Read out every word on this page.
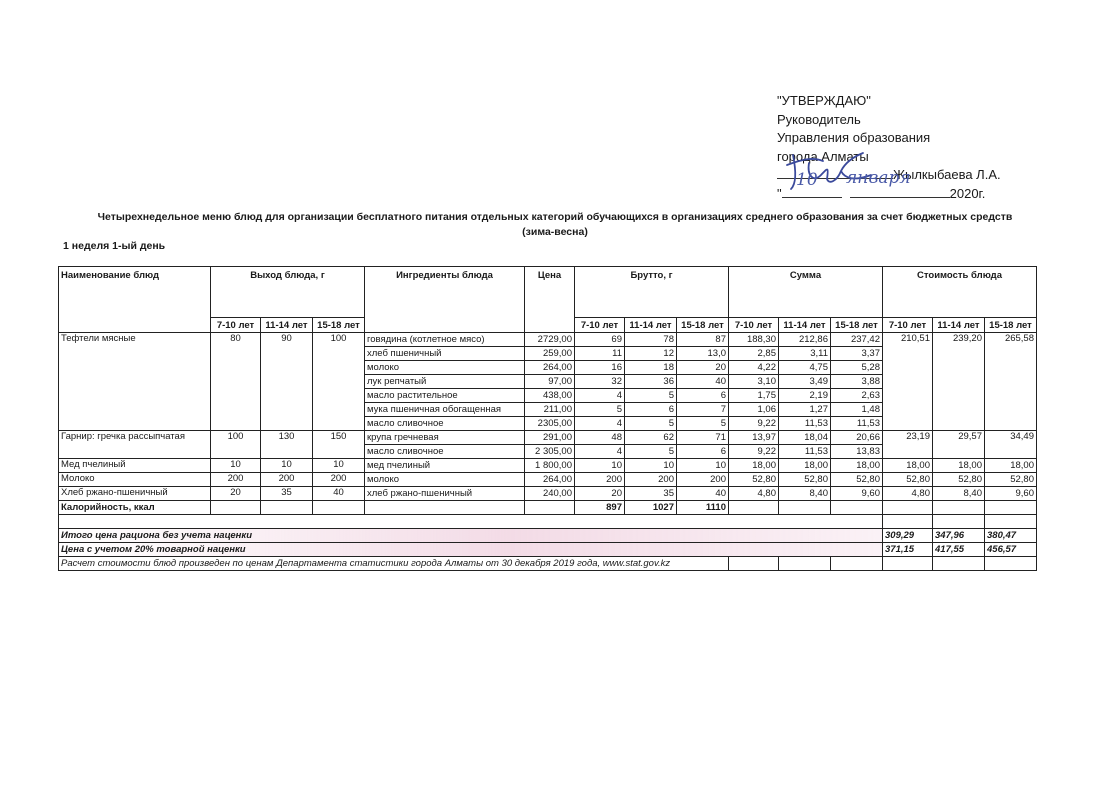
"УТВЕРЖДАЮ"
Руководитель
Управления образования
города Алматы
Жылкыбаева Л.А.
"	2020г.
10 января
Четырехнедельное меню блюд для организации бесплатного питания отдельных категорий обучающихся в организациях среднего образования за счет бюджетных средств
(зима-весна)
1 неделя 1-ый день
Наименование блюд	Выход блюда, г			Ингредиенты блюда	Цена	Брутто, г			Сумма			Стоимость блюда		
	7-10 лет	11-14 лет	15-18 лет			7-10 лет	11-14 лет	15-18 лет	7-10 лет	11-14 лет	15-18 лет	7-10 лет	11-14 лет	15-18 лет
Тефтели мясные	80	90	100	говядина (котлетное мясо)	2729,00	69	78	87	188,30	212,86	237,42	210,51	239,20	265,58
				хлеб пшеничный	259,00	11	12	13,0	2,85	3,11	3,37			
				молоко	264,00	16	18	20	4,22	4,75	5,28			
				лук репчатый	97,00	32	36	40	3,10	3,49	3,88			
				масло растительное	438,00	4	5	6	1,75	2,19	2,63			
				мука пшеничная обогащенная	211,00	5	6	7	1,06	1,27	1,48			
				масло сливочное	2305,00	4	5	5	9,22	11,53	11,53			
Гарнир: гречка рассыпчатая	100	130	150	крупа гречневая	291,00	48	62	71	13,97	18,04	20,66	23,19	29,57	34,49
				масло сливочное	2 305,00	4	5	6	9,22	11,53	13,83			
Мед пчелиный	10	10	10	мед пчелиный	1 800,00	10	10	10	18,00	18,00	18,00	18,00	18,00	18,00
Молоко	200	200	200	молоко	264,00	200	200	200	52,80	52,80	52,80	52,80	52,80	52,80
Хлеб ржано-пшеничный	20	35	40	хлеб ржано-пшеничный	240,00	20	35	40	4,80	8,40	9,60	4,80	8,40	9,60
Калорийность, ккал						897	1027	1110						

Итого цена рациона без учета наценки												309,29	347,96	380,47
Цена с учетом 20% товарной наценки												371,15	417,55	456,57
Расчет стоимости блюд произведен по ценам Департамента статистики города Алматы от 30 декабря 2019 года, www.stat.gov.kz														
